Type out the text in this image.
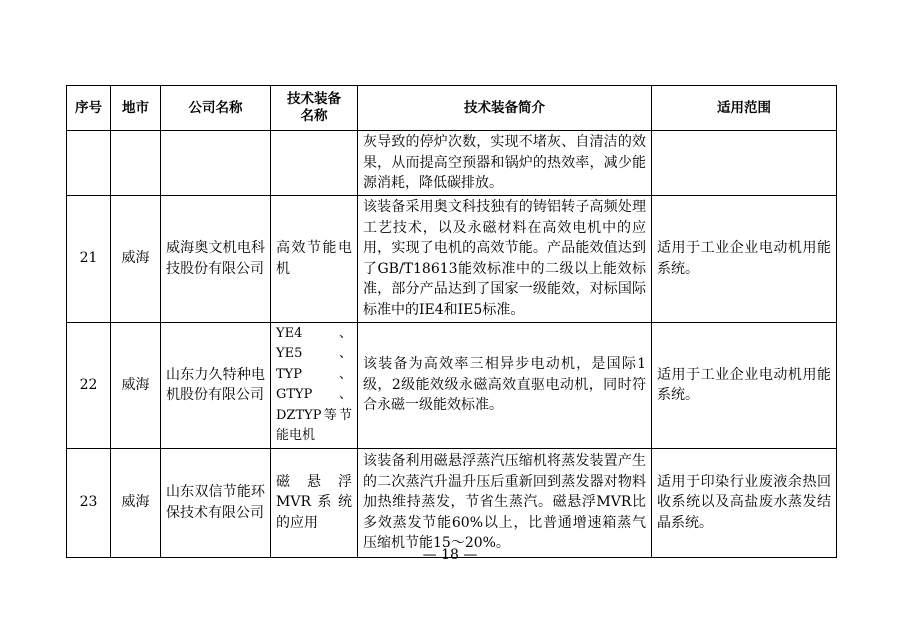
序号	地市	公司名称	技术装备名称	技术装备简介	适用范围
				灰导致的停炉次数，实现不堵灰、自清洁的效果，从而提高空预器和锅炉的热效率，减少能源消耗，降低碳排放。	
21	威海	威海奥文机电科技股份有限公司	高效节能电机	该装备采用奥文科技独有的铸铝转子高频处理工艺技术，以及永磁材料在高效电机中的应用，实现了电机的高效节能。产品能效值达到了GB/T18613能效标准中的二级以上能效标准，部分产品达到了国家一级能效，对标国际标准中的IE4和IE5标准。	适用于工业企业电动机用能系统。
22	威海	山东力久特种电机股份有限公司	YE4、YE5、TYP、GTYP、DZTYP等节能电机	该装备为高效率三相异步电动机，是国际1级，2级能效级永磁高效直驱电动机，同时符合永磁一级能效标准。	适用于工业企业电动机用能系统。
23	威海	山东双信节能环保技术有限公司	磁悬浮MVR系统的应用	该装备利用磁悬浮蒸汽压缩机将蒸发装置产生的二次蒸汽升温升压后重新回到蒸发器对物料加热维持蒸发，节省生蒸汽。磁悬浮MVR比多效蒸发节能60%以上，比普通增速箱蒸气压缩机节能15～20%。	适用于印染行业废液余热回收系统以及高盐废水蒸发结晶系统。
— 18 —
